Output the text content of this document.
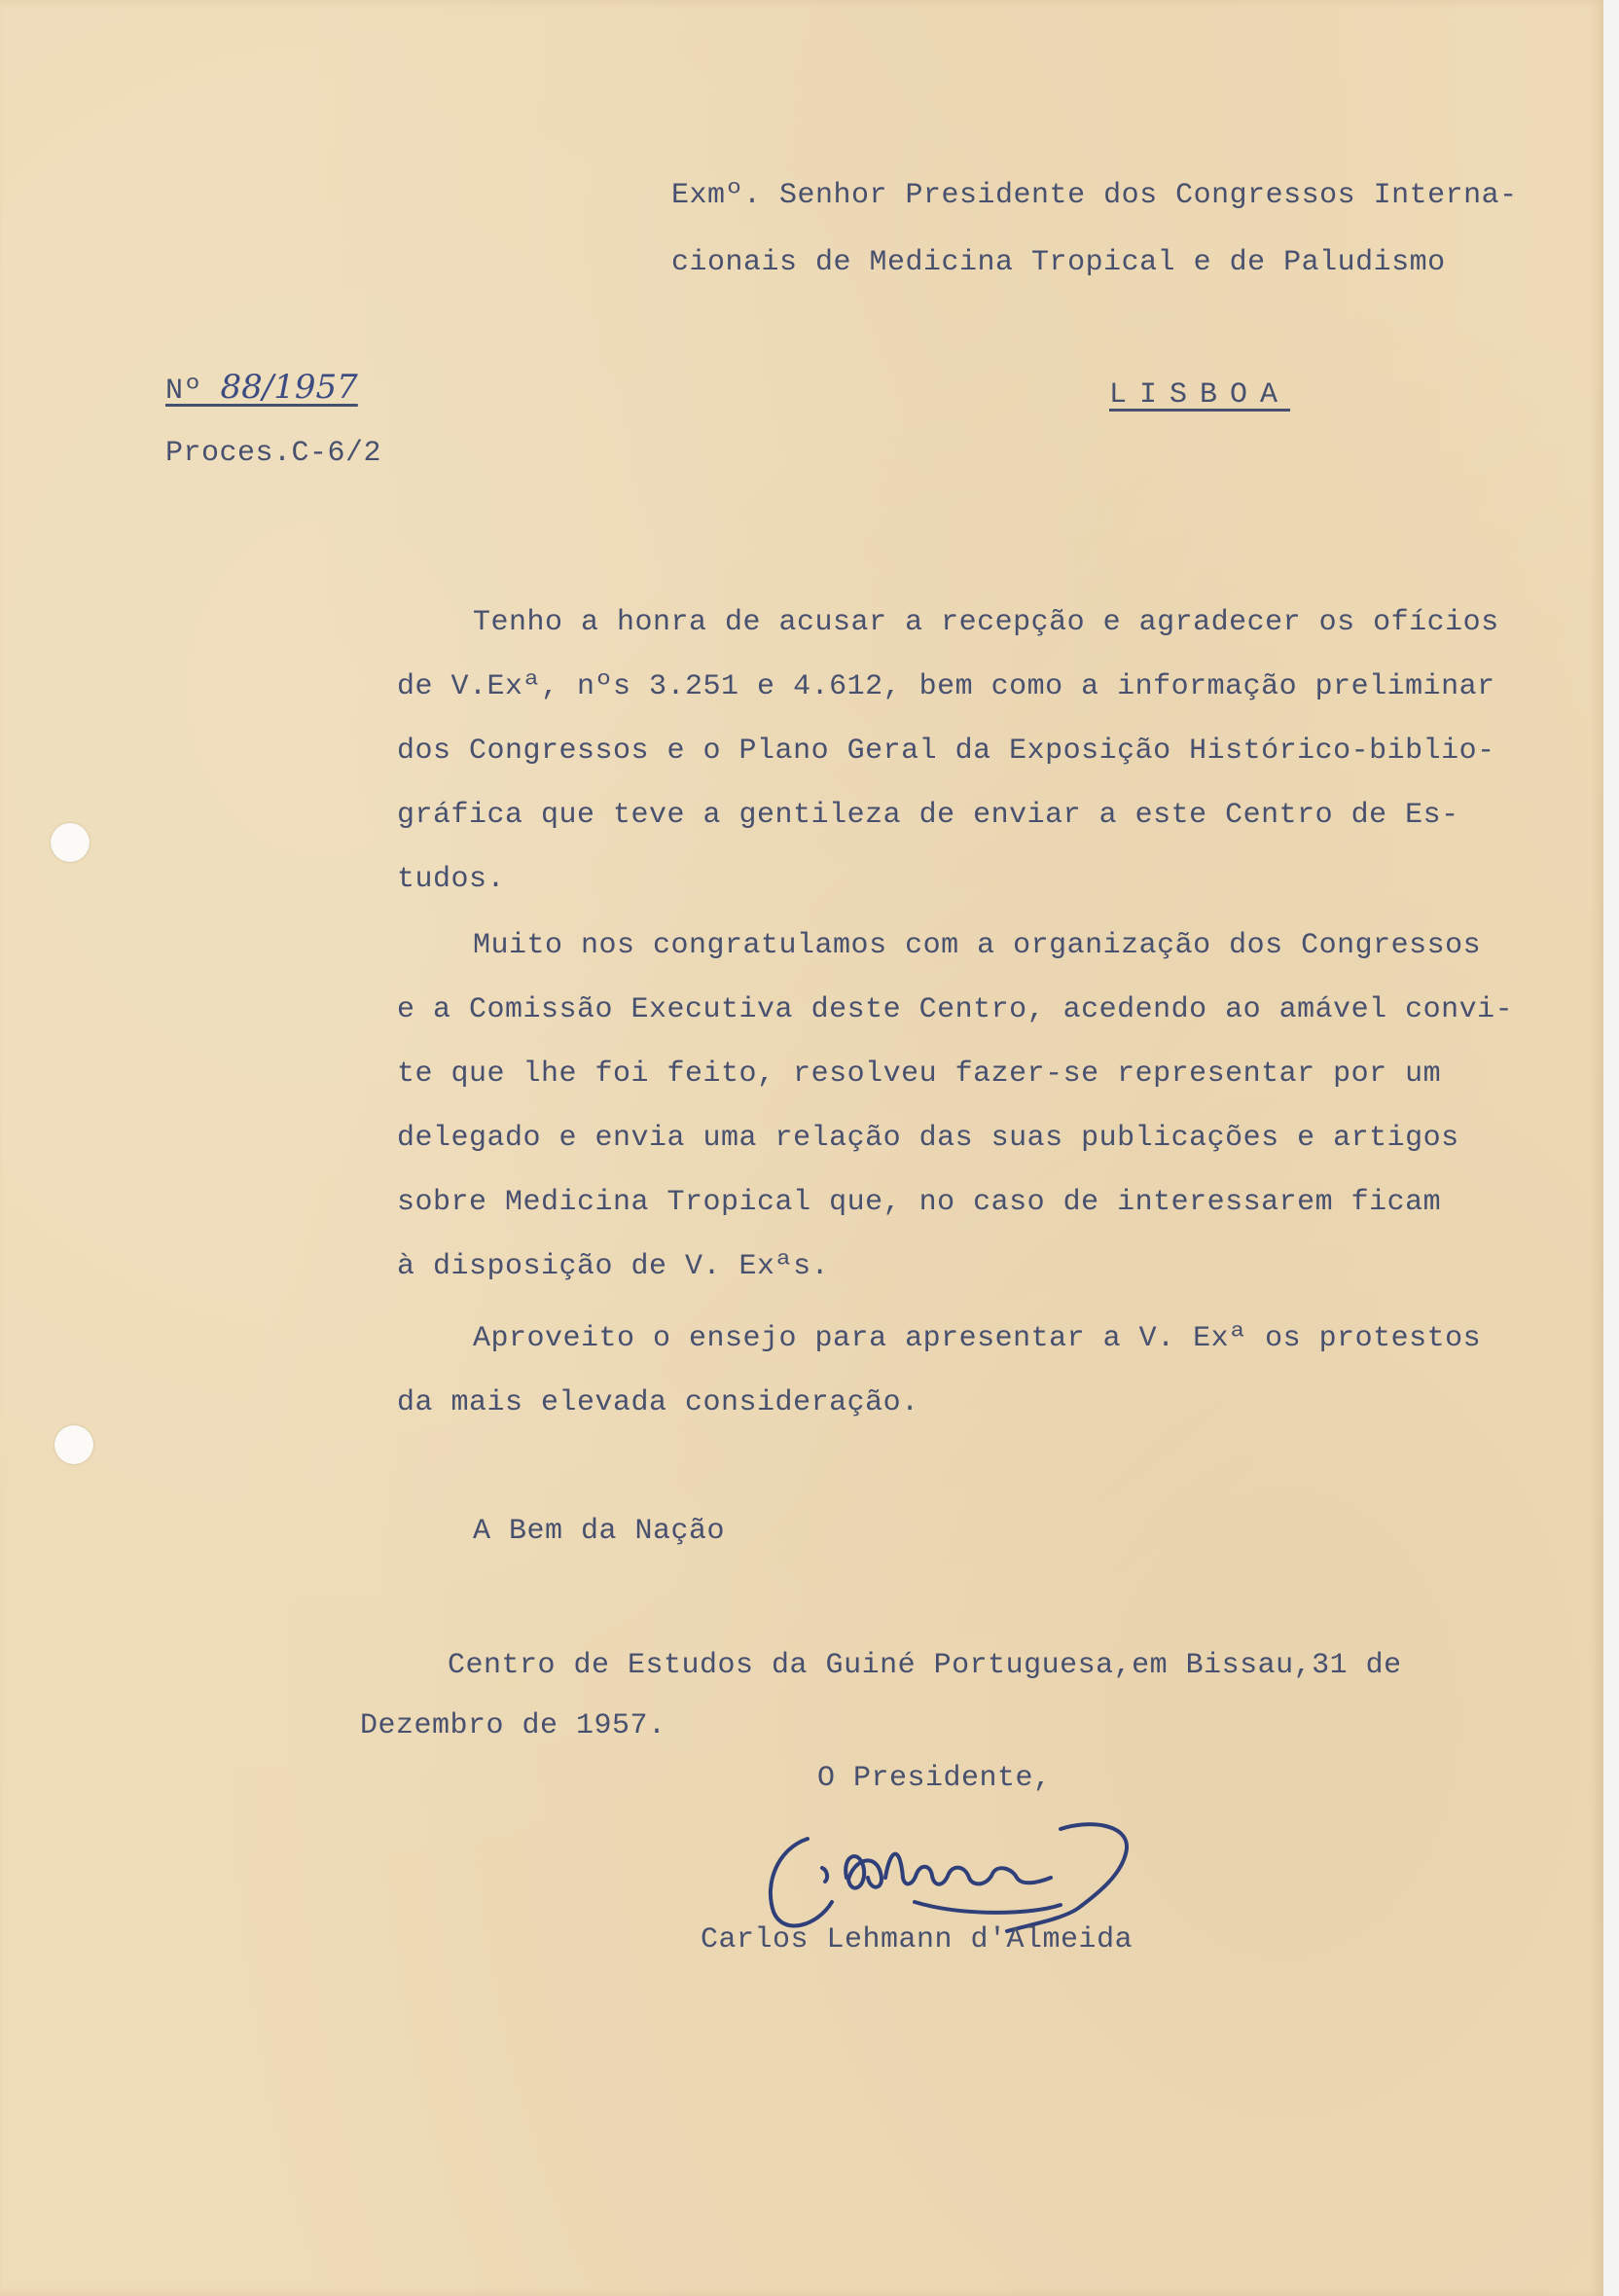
Exmº. Senhor Presidente dos Congressos Interna-
cionais de Medicina Tropical e de Paludismo
Nº 88/1957	LISBOA
Proces.C-6/2
Tenho a honra de acusar a recepção e agradecer os ofícios
de V.Exª, nºs 3.251 e 4.612, bem como a informação preliminar
dos Congressos e o Plano Geral da Exposição Histórico-biblio-
gráfica que teve a gentileza de enviar a este Centro de Es-
tudos.
Muito nos congratulamos com a organização dos Congressos
e a Comissão Executiva deste Centro, acedendo ao amável convi-
te que lhe foi feito, resolveu fazer-se representar por um
delegado e envia uma relação das suas publicações e artigos
sobre Medicina Tropical que, no caso de interessarem ficam
à disposição de V. Exªs.
Aproveito o ensejo para apresentar a V. Exª os protestos
da mais elevada consideração.
A Bem da Nação
Centro de Estudos da Guiné Portuguesa,em Bissau,31 de
Dezembro de 1957.
O Presidente,
Carlos Lehmann d'Almeida
